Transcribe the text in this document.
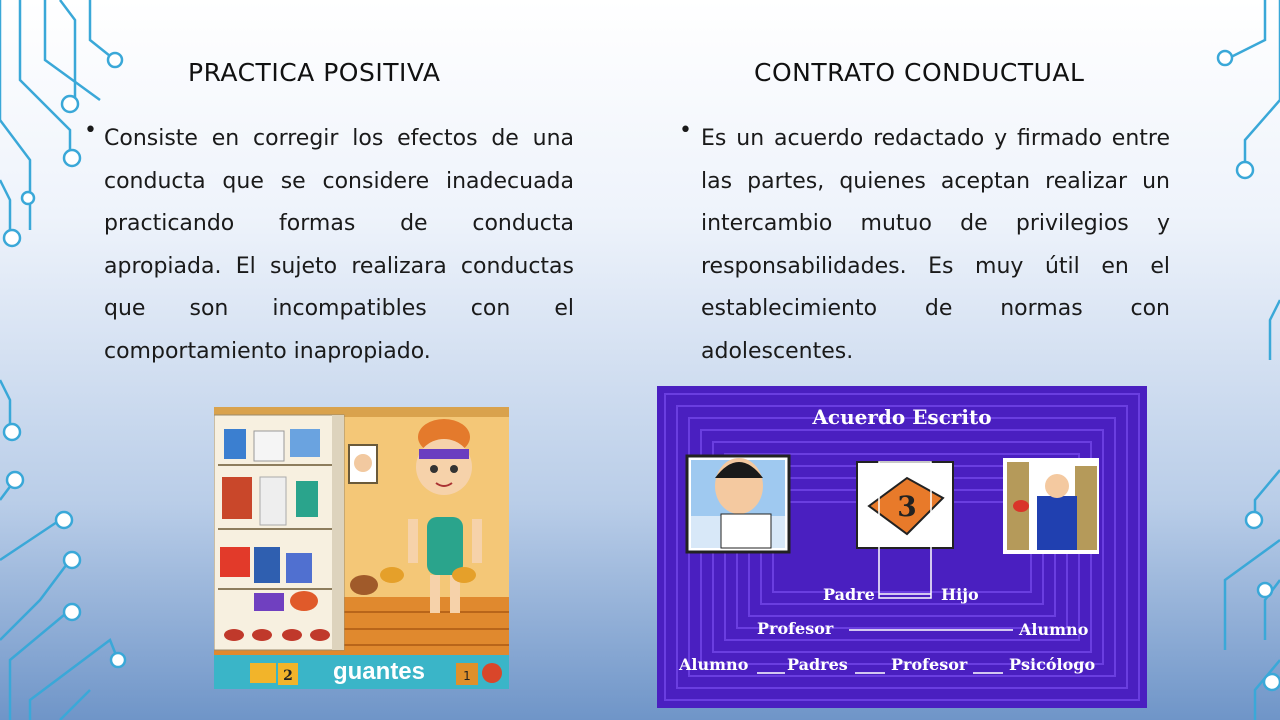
PRACTICA POSITIVA
• Consiste en corregir los efectos de una conducta que se considere inadecuada practicando formas de conducta apropiada. El sujeto realizara conductas que son incompatibles con el comportamiento inapropiado.

CONTRATO CONDUCTUAL
• Es un acuerdo redactado y firmado entre las partes, quienes aceptan realizar un intercambio mutuo de privilegios y responsabilidades. Es muy útil en el establecimiento de normas con adolescentes.

2 guantes	1
Acuerdo Escrito
3
Padre	Hijo
Profesor	Alumno
Alumno Padres	Profesor	Psicólogo
